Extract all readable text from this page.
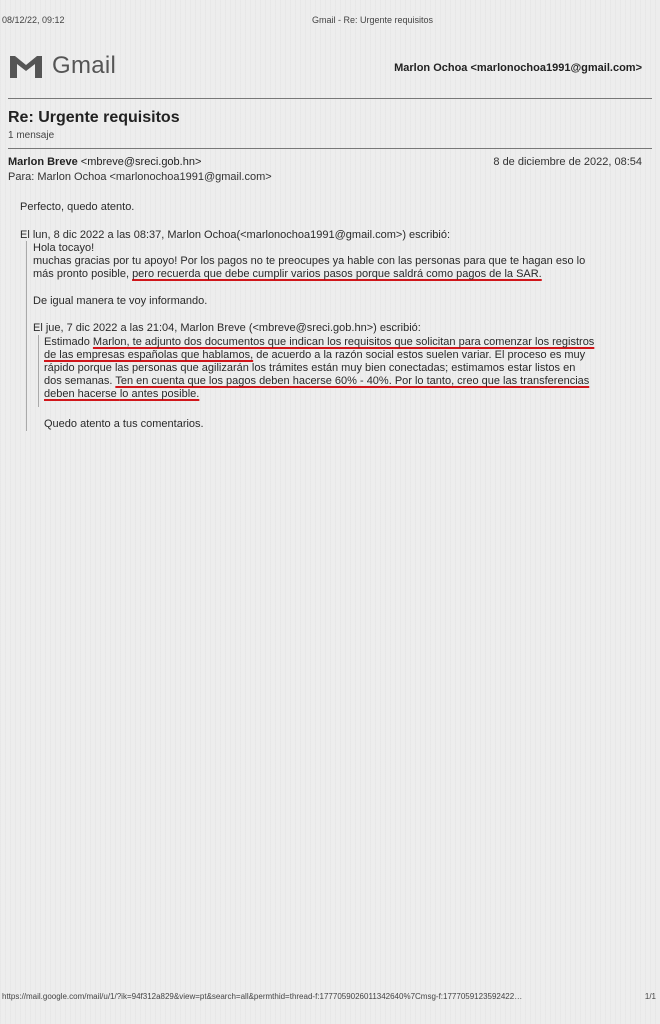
08/12/22, 09:12	Gmail - Re: Urgente requisitos
Gmail	Marlon Ochoa <marlonochoa1991@gmail.com>
Re: Urgente requisitos
1 mensaje
Marlon Breve <mbreve@sreci.gob.hn>	8 de diciembre de 2022, 08:54
Para: Marlon Ochoa <marlonochoa1991@gmail.com>
Perfecto, quedo atento.
El lun, 8 dic 2022 a las 08:37, Marlon Ochoa(<marlonochoa1991@gmail.com>) escribió:

Hola tocayo!

muchas gracias por tu apoyo! Por los pagos no te preocupes ya hable con las personas para que te hagan eso lo

más pronto posible, pero recuerda que debe cumplir varios pasos porque saldrá como pagos de la SAR.

De igual manera te voy informando.
El jue, 7 dic 2022 a las 21:04, Marlon Breve (<mbreve@sreci.gob.hn>) escribió:

Estimado Marlon, te adjunto dos documentos que indican los requisitos que solicitan para comenzar los registros

de las empresas españolas que hablamos, de acuerdo a la razón social estos suelen variar. El proceso es muy

rápido porque las personas que agilizarán los trámites están muy bien conectadas; estimamos estar listos en

dos semanas. Ten en cuenta que los pagos deben hacerse 60% - 40%. Por lo tanto, creo que las transferencias

deben hacerse lo antes posible.

Quedo atento a tus comentarios.
https://mail.google.com/mail/u/1/?ik=94f312a829&view=pt&search=all&permthid=thread-f:1777059026011342640%7Cmsg-f:1777059123592422…	1/1
